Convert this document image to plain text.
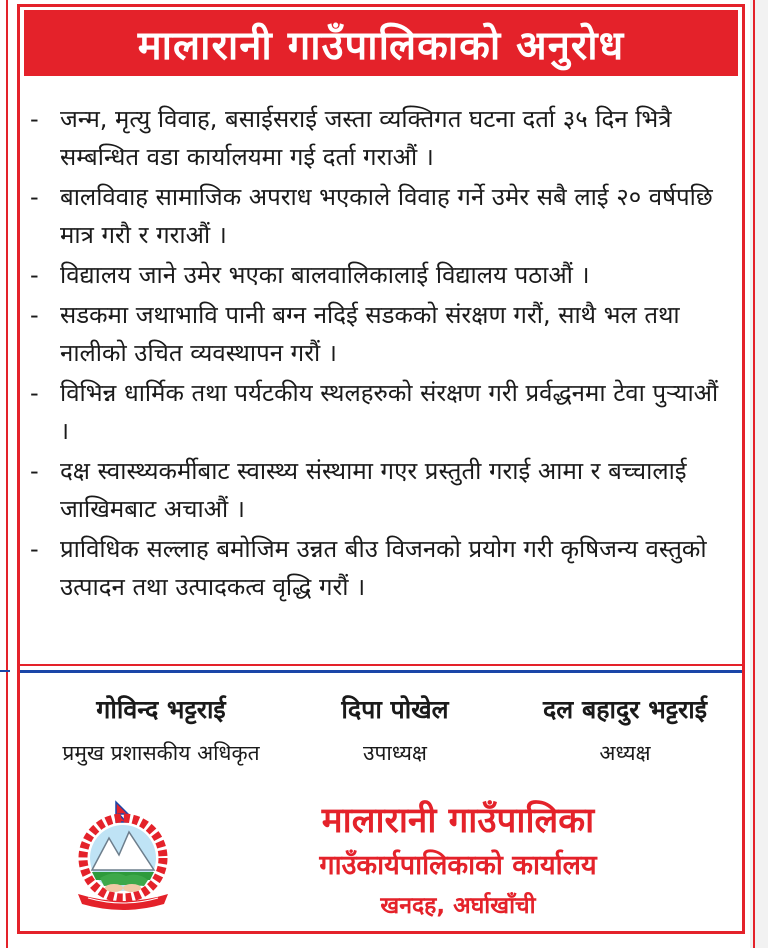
मालारानी गाउँपालिकाको अनुरोध
- जन्म, मृत्यु विवाह, बसाईसराई जस्ता व्यक्तिगत घटना दर्ता ३५ दिन भित्रै सम्बन्धित वडा कार्यालयमा गई दर्ता गराऔं ।
- बालविवाह सामाजिक अपराध भएकाले विवाह गर्ने उमेर सबै लाई २० वर्षपछि मात्र गरौ र गराऔं ।
- विद्यालय जाने उमेर भएका बालवालिकालाई विद्यालय पठाऔं ।
- सडकमा जथाभावि पानी बग्न नदिई सडकको संरक्षण गरौं, साथै भल तथा नालीको उचित व्यवस्थापन गरौं ।
- विभिन्न धार्मिक तथा पर्यटकीय स्थलहरुको संरक्षण गरी प्रर्वद्धनमा टेवा पुऱ्याऔं ।
- दक्ष स्वास्थ्यकर्मीबाट स्वास्थ्य संस्थामा गएर प्रस्तुती गराई आमा र बच्चालाई जाखिमबाट अचाऔं ।
- प्राविधिक सल्लाह बमोजिम उन्नत बीउ विजनको प्रयोग गरी कृषिजन्य वस्तुको उत्पादन तथा उत्पादकत्व वृद्धि गरौं ।
गोविन्द भट्टराई
प्रमुख प्रशासकीय अधिकृत
दिपा पोखेल
उपाध्यक्ष
दल बहादुर भट्टराई
अध्यक्ष
मालारानी गाउँपालिका
गाउँकार्यपालिकाको कार्यालय
खनदह, अर्घाखाँची
